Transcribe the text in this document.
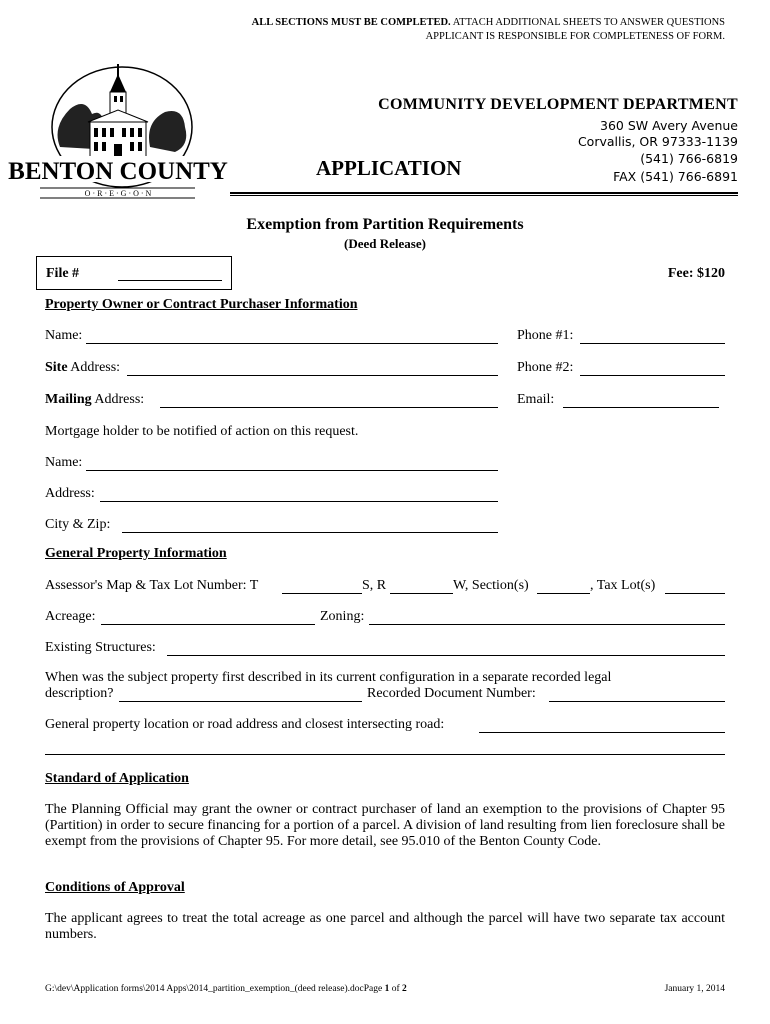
ALL SECTIONS MUST BE COMPLETED. ATTACH ADDITIONAL SHEETS TO ANSWER QUESTIONS
APPLICANT IS RESPONSIBLE FOR COMPLETENESS OF FORM.
BENTON COUNTY
O · R · E · G · O · N
COMMUNITY DEVELOPMENT DEPARTMENT
360 SW Avery Avenue
Corvallis, OR 97333-1139
(541) 766-6819
FAX (541) 766-6891
APPLICATION
Exemption from Partition Requirements
(Deed Release)
File #	Fee: $120
Property Owner or Contract Purchaser Information
Name:	Phone #1:
Site Address:	Phone #2:
Mailing Address:	Email:
Mortgage holder to be notified of action on this request.
Name:
Address:
City & Zip:
General Property Information
Assessor's Map & Tax Lot Number: T	S, R	W, Section(s)	, Tax Lot(s)
Acreage:	Zoning:
Existing Structures:
When was the subject property first described in its current configuration in a separate recorded legal
description?	Recorded Document Number:
General property location or road address and closest intersecting road:
Standard of Application
The Planning Official may grant the owner or contract purchaser of land an exemption to the provisions of Chapter 95 (Partition) in order to secure financing for a portion of a parcel. A division of land resulting from lien foreclosure shall be exempt from the provisions of Chapter 95. For more detail, see 95.010 of the Benton County Code.
Conditions of Approval
The applicant agrees to treat the total acreage as one parcel and although the parcel will have two separate tax account numbers.
G:\dev\Application forms\2014 Apps\2014_partition_exemption_(deed release).docPage 1 of 2	January 1, 2014
